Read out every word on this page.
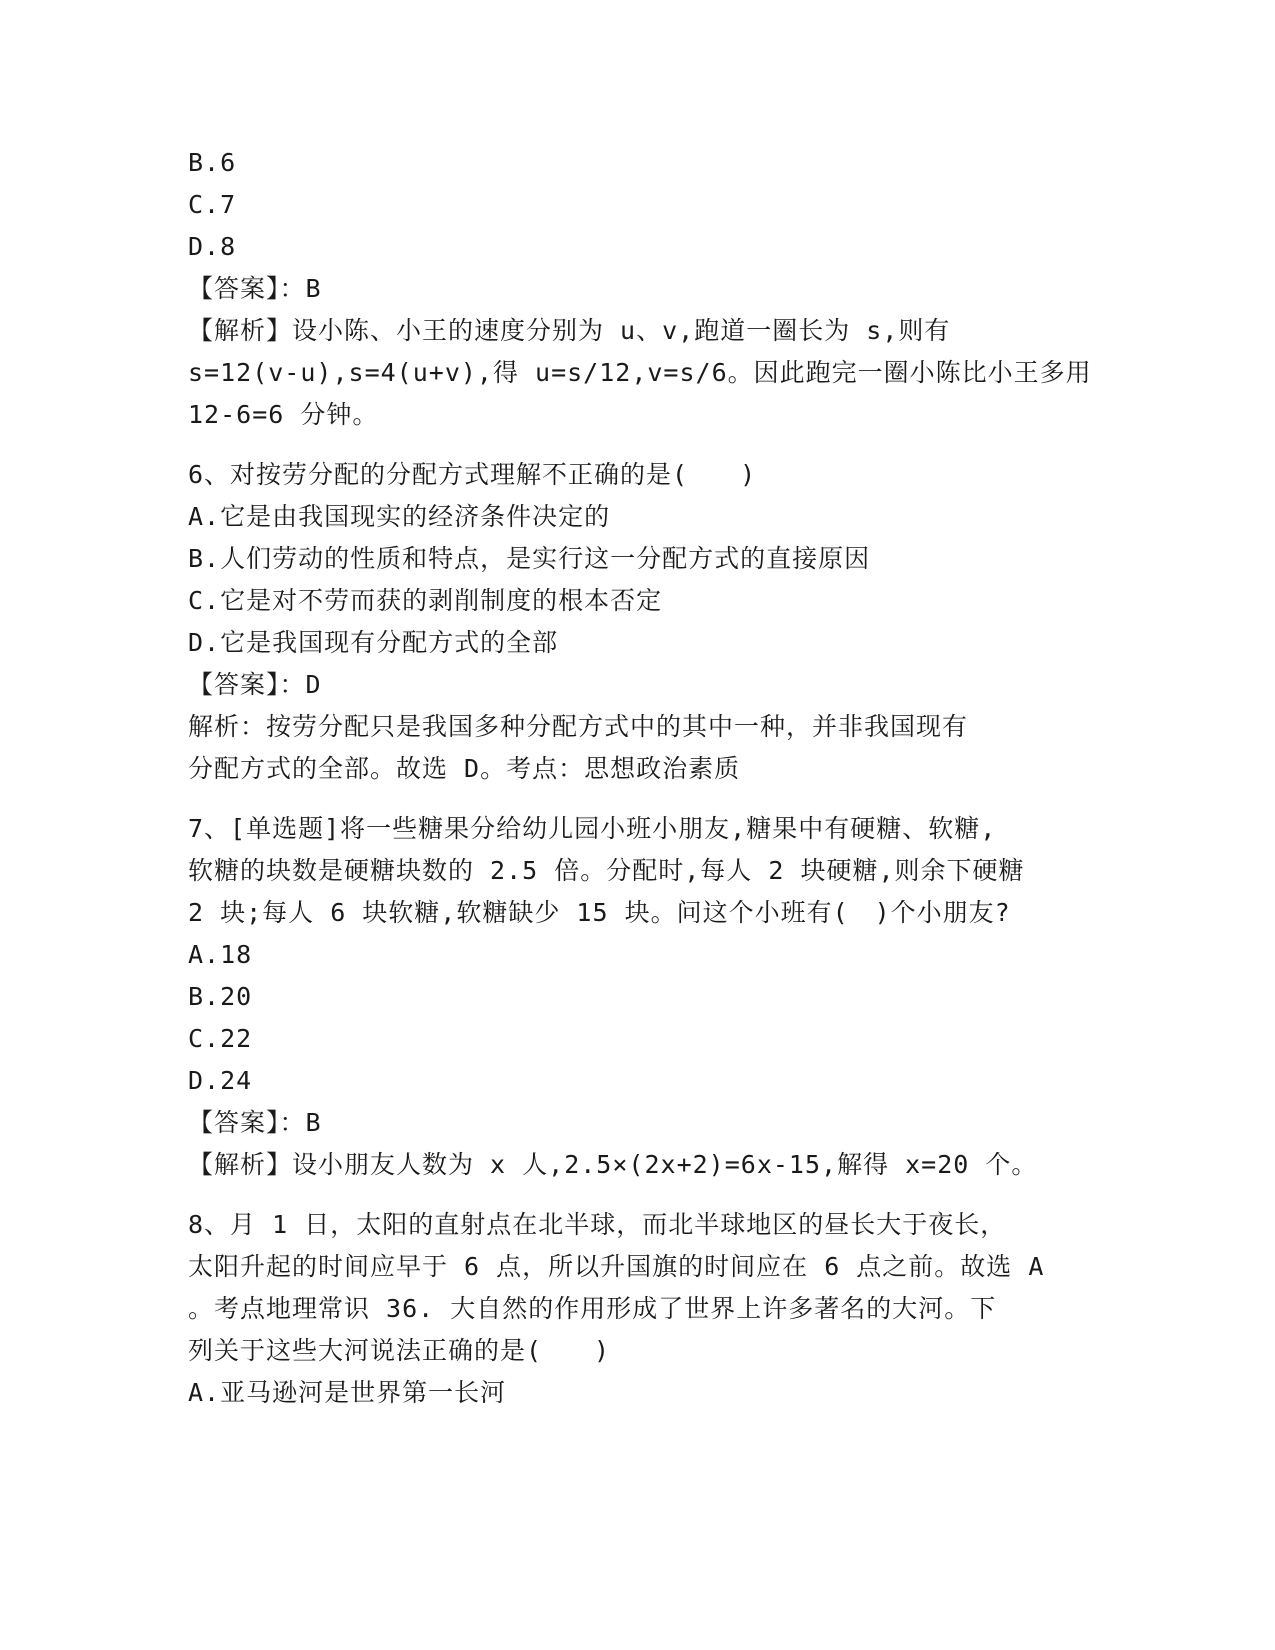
B.6
C.7
D.8
【答案】：B
【解析】设小陈、小王的速度分别为 u、v,跑道一圈长为 s,则有
s=12(v-u),s=4(u+v),得 u=s/12,v=s/6。因此跑完一圈小陈比小王多用
12-6=6 分钟。
6、对按劳分配的分配方式理解不正确的是(　　)
A.它是由我国现实的经济条件决定的
B.人们劳动的性质和特点，是实行这一分配方式的直接原因
C.它是对不劳而获的剥削制度的根本否定
D.它是我国现有分配方式的全部
【答案】：D
解析：按劳分配只是我国多种分配方式中的其中一种，并非我国现有
分配方式的全部。故选 D。考点：思想政治素质
7、[单选题]将一些糖果分给幼儿园小班小朋友,糖果中有硬糖、软糖,
软糖的块数是硬糖块数的 2.5 倍。分配时,每人 2 块硬糖,则余下硬糖
2 块;每人 6 块软糖,软糖缺少 15 块。问这个小班有(　)个小朋友?
A.18
B.20
C.22
D.24
【答案】：B
【解析】设小朋友人数为 x 人,2.5×(2x+2)=6x-15,解得 x=20 个。
8、月 1 日，太阳的直射点在北半球，而北半球地区的昼长大于夜长，
太阳升起的时间应早于 6 点，所以升国旗的时间应在 6 点之前。故选 A
。考点地理常识 36. 大自然的作用形成了世界上许多著名的大河。下
列关于这些大河说法正确的是(　　)
A.亚马逊河是世界第一长河
